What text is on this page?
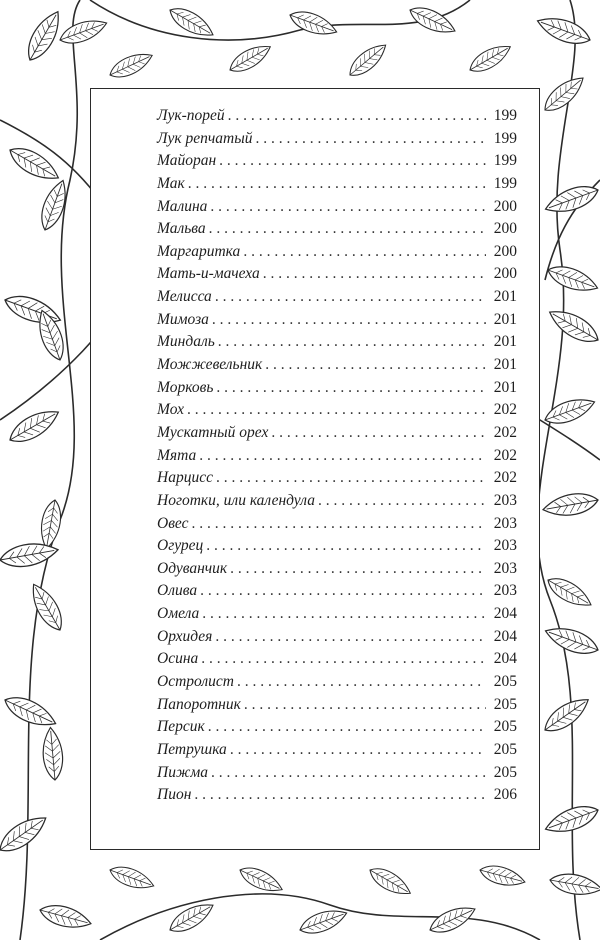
Лук-порей . . .	199
Лук репчатый . . .	199
Майоран . . .	199
Мак . . .	199
Малина . . .	200
Мальва . . .	200
Маргаритка . . .	200
Мать-и-мачеха . . .	200
Мелисса . . .	201
Мимоза . . .	201
Миндаль . . .	201
Можжевельник . . .	201
Морковь . . .	201
Мох . . .	202
Мускатный орех . . .	202
Мята . . .	202
Нарцисс . . .	202
Ноготки, или календула . . .	203
Овес . . .	203
Огурец . . .	203
Одуванчик . . .	203
Олива . . .	203
Омела . . .	204
Орхидея . . .	204
Осина . . .	204
Остролист . . .	205
Папоротник . . .	205
Персик . . .	205
Петрушка . . .	205
Пижма . . .	205
Пион . . .	206
